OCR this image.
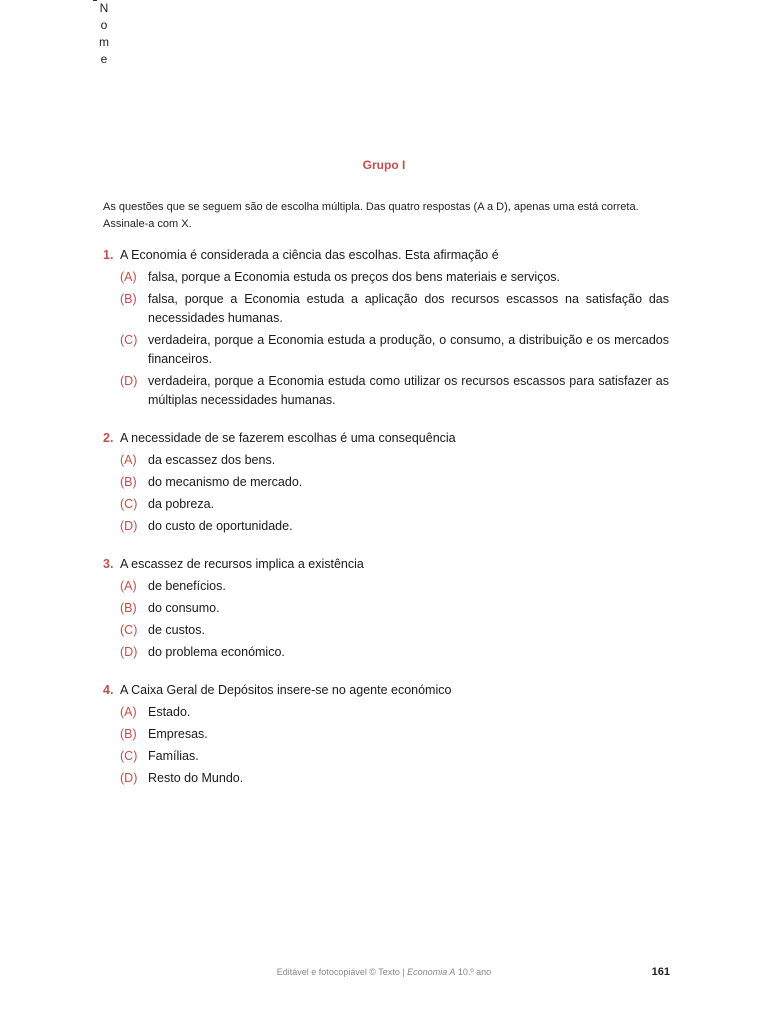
N
o
m
e
Grupo I
As questões que se seguem são de escolha múltipla. Das quatro respostas (A a D), apenas uma está correta. Assinale-a com X.
1. A Economia é considerada a ciência das escolhas. Esta afirmação é
(A) falsa, porque a Economia estuda os preços dos bens materiais e serviços.
(B) falsa, porque a Economia estuda a aplicação dos recursos escassos na satisfação das necessidades humanas.
(C) verdadeira, porque a Economia estuda a produção, o consumo, a distribuição e os mercados financeiros.
(D) verdadeira, porque a Economia estuda como utilizar os recursos escassos para satisfazer as múltiplas necessidades humanas.
2. A necessidade de se fazerem escolhas é uma consequência
(A) da escassez dos bens.
(B) do mecanismo de mercado.
(C) da pobreza.
(D) do custo de oportunidade.
3. A escassez de recursos implica a existência
(A) de benefícios.
(B) do consumo.
(C) de custos.
(D) do problema económico.
4. A Caixa Geral de Depósitos insere-se no agente económico
(A) Estado.
(B) Empresas.
(C) Famílias.
(D) Resto do Mundo.
Editável e fotocopiável © Texto | Economia A 10.º ano	161
